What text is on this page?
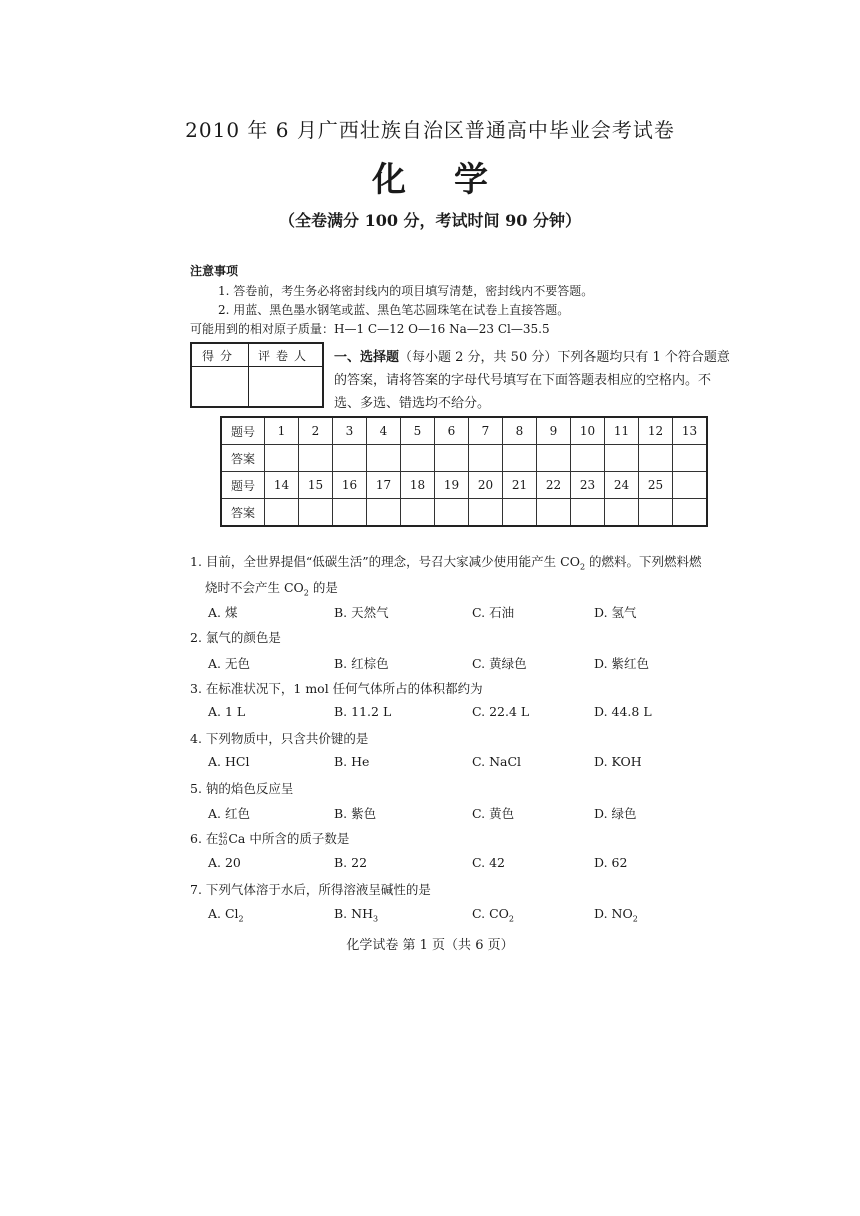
2010 年 6 月广西壮族自治区普通高中毕业会考试卷
化学
（全卷满分 100 分，考试时间 90 分钟）
注意事项
1. 答卷前，考生务必将密封线内的项目填写清楚，密封线内不要答题。
2. 用蓝、黑色墨水钢笔或蓝、黑色笔芯圆珠笔在试卷上直接答题。
可能用到的相对原子质量：H—1 C—12 O—16 Na—23 Cl—35.5
得分 评卷人 一、选择题（每小题 2 分，共 50 分）下列各题均只有 1 个符合题意的答案，请将答案的字母代号填写在下面答题表相应的空格内。不选、多选、错选均不给分。
题号	1	2	3	4	5	6	7	8	9	10	11	12	13
答案													
题号	14	15	16	17	18	19	20	21	22	23	24	25	
答案													
1. 目前，全世界提倡“低碳生活”的理念，号召大家减少使用能产生 $CO_2$ 的燃料。下列燃料燃
烧时不会产生 $CO_2$ 的是
A. 煤	B. 天然气	C. 石油	D. 氢气
2. 氯气的颜色是
A. 无色	B. 红棕色	C. 黄绿色	D. 紫红色
3. 在标准状况下，1 mol 任何气体所占的体积都约为
A. 1 L	B. 11.2 L	C. 22.4 L	D. 44.8 L
4. 下列物质中，只含共价键的是
A. HCl	B. He	C. NaCl	D. KOH
5. 钠的焰色反应呈
A. 红色	B. 紫色	C. 黄色	D. 绿色
6. 在42
20Ca 中所含的质子数是
A. 20	B. 22	C. 42	D. 62
7. 下列气体溶于水后，所得溶液呈碱性的是
A. $Cl_2$	B. $NH_3$	C. $CO_2$	D. $NO_2$
化学试卷 第 1 页（共 6 页）
